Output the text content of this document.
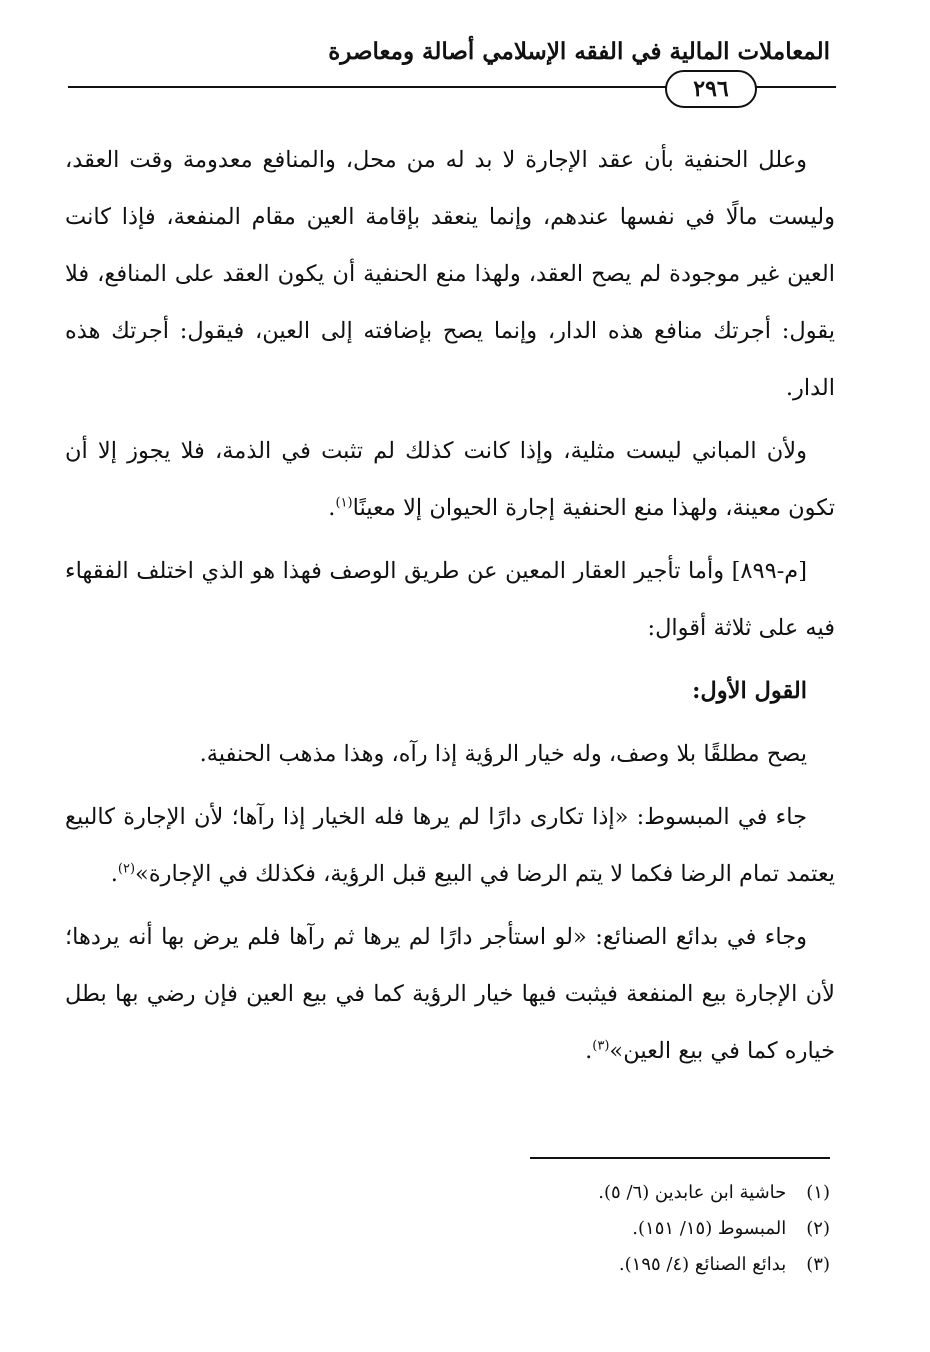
المعاملات المالية في الفقه الإسلامي أصالة ومعاصرة
٢٩٦

وعلل الحنفية بأن عقد الإجارة لا بد له من محل، والمنافع معدومة وقت العقد، وليست مالًا في نفسها عندهم، وإنما ينعقد بإقامة العين مقام المنفعة، فإذا كانت العين غير موجودة لم يصح العقد، ولهذا منع الحنفية أن يكون العقد على المنافع، فلا يقول: أجرتك منافع هذه الدار، وإنما يصح بإضافته إلى العين، فيقول: أجرتك هذه الدار.

ولأن المباني ليست مثلية، وإذا كانت كذلك لم تثبت في الذمة، فلا يجوز إلا أن تكون معينة، ولهذا منع الحنفية إجارة الحيوان إلا معينًا$^{(١)}$.

[م-٨٩٩] وأما تأجير العقار المعين عن طريق الوصف فهذا هو الذي اختلف الفقهاء فيه على ثلاثة أقوال:

القول الأول:

يصح مطلقًا بلا وصف، وله خيار الرؤية إذا رآه، وهذا مذهب الحنفية.

جاء في المبسوط: «إذا تكارى دارًا لم يرها فله الخيار إذا رآها؛ لأن الإجارة كالبيع يعتمد تمام الرضا فكما لا يتم الرضا في البيع قبل الرؤية، فكذلك في الإجارة»$^{(٢)}$.

وجاء في بدائع الصنائع: «لو استأجر دارًا لم يرها ثم رآها فلم يرض بها أنه يردها؛ لأن الإجارة بيع المنفعة فيثبت فيها خيار الرؤية كما في بيع العين فإن رضي بها بطل خياره كما في بيع العين»$^{(٣)}$.

(١) حاشية ابن عابدين (٦/ ٥).

(٢) المبسوط (١٥/ ١٥١).

(٣) بدائع الصنائع (٤/ ١٩٥).
